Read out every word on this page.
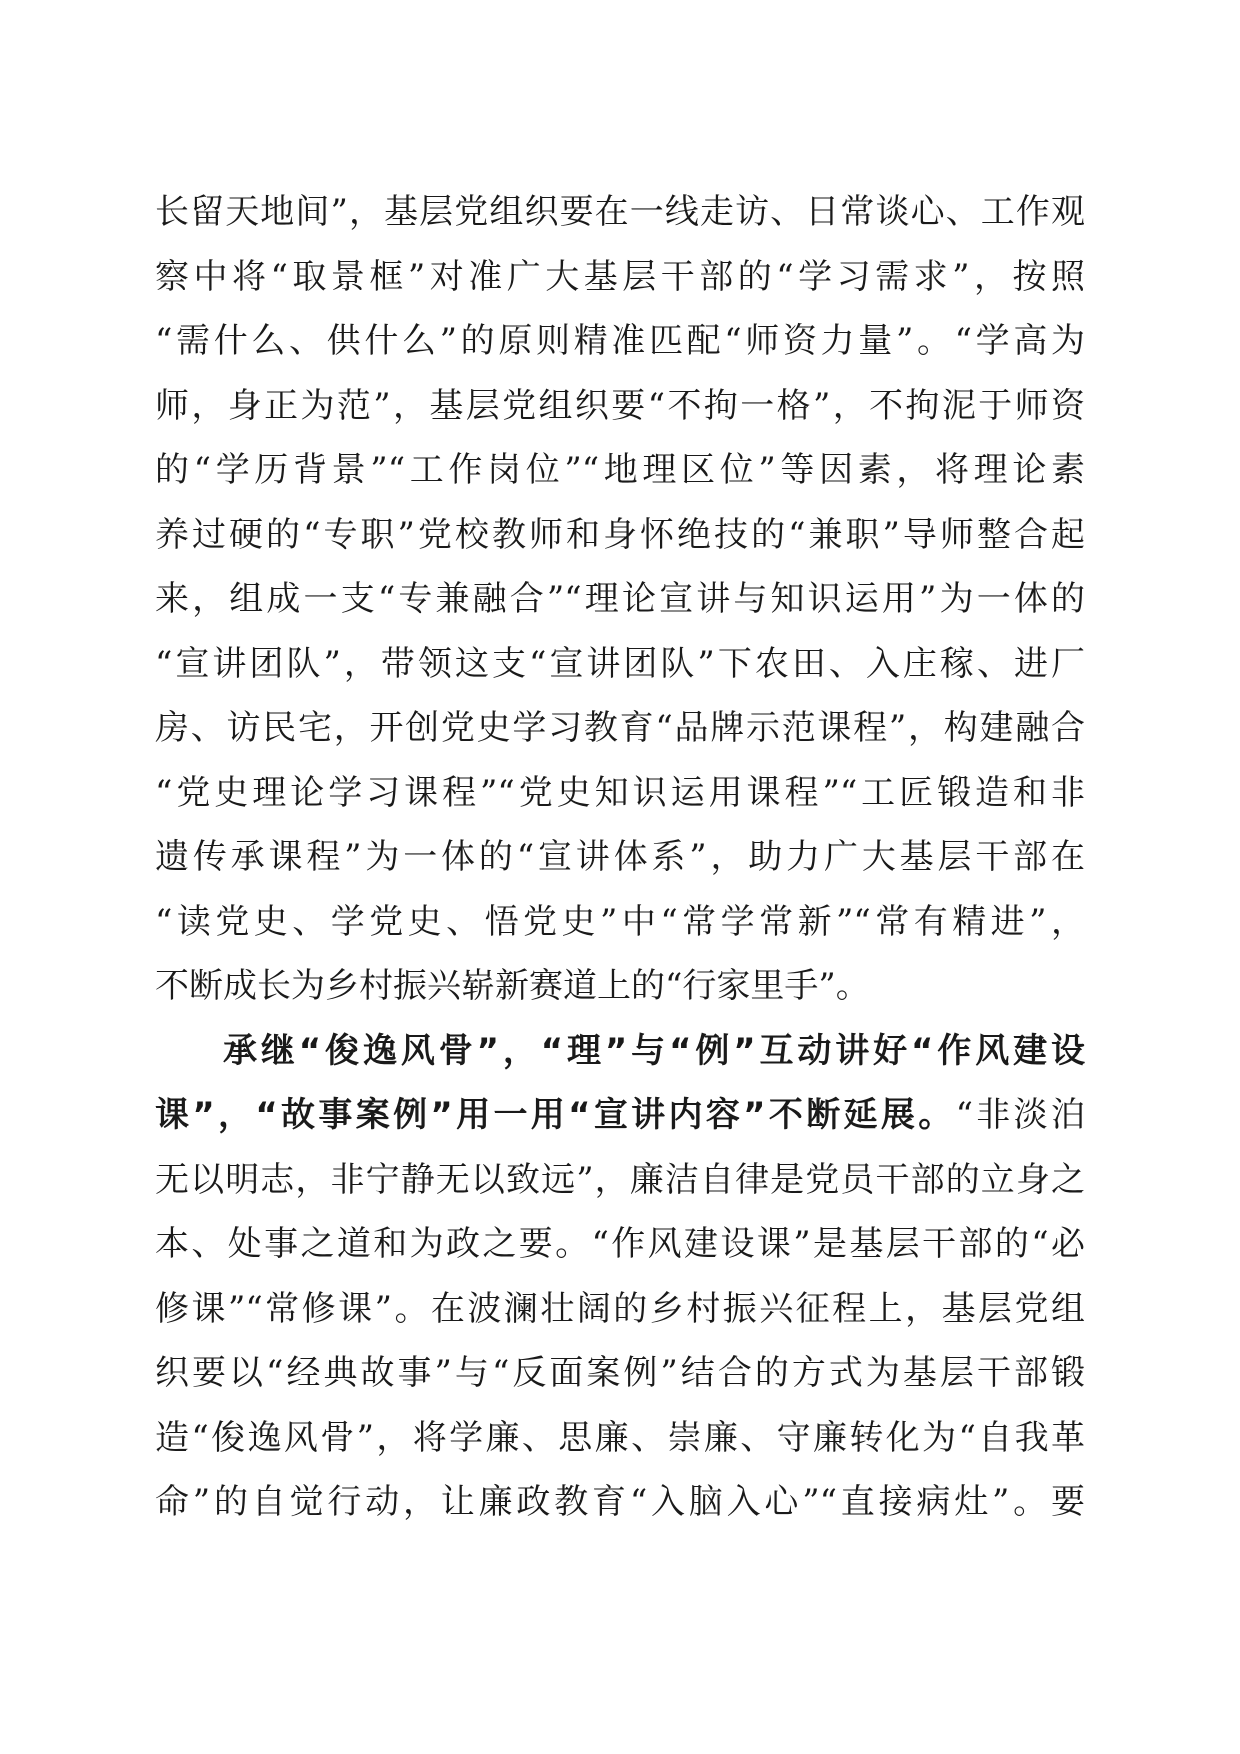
长留天地间”，基层党组织要在一线走访、日常谈心、工作观
察中将“取景框”对准广大基层干部的“学习需求”，按照
“需什么、供什么”的原则精准匹配“师资力量”。“学高为
师，身正为范”，基层党组织要“不拘一格”，不拘泥于师资
的“学历背景”“工作岗位”“地理区位”等因素，将理论素
养过硬的“专职”党校教师和身怀绝技的“兼职”导师整合起
来，组成一支“专兼融合”“理论宣讲与知识运用”为一体的
“宣讲团队”，带领这支“宣讲团队”下农田、入庄稼、进厂
房、访民宅，开创党史学习教育“品牌示范课程”，构建融合
“党史理论学习课程”“党史知识运用课程”“工匠锻造和非
遗传承课程”为一体的“宣讲体系”，助力广大基层干部在
“读党史、学党史、悟党史”中“常学常新”“常有精进”，
不断成长为乡村振兴崭新赛道上的“行家里手”。
承继“俊逸风骨”，“理”与“例”互动讲好“作风建设
课”，“故事案例”用一用“宣讲内容”不断延展。“非淡泊
无以明志，非宁静无以致远”，廉洁自律是党员干部的立身之
本、处事之道和为政之要。“作风建设课”是基层干部的“必
修课”“常修课”。在波澜壮阔的乡村振兴征程上，基层党组
织要以“经典故事”与“反面案例”结合的方式为基层干部锻
造“俊逸风骨”，将学廉、思廉、崇廉、守廉转化为“自我革
命”的自觉行动，让廉政教育“入脑入心”“直接病灶”。要
